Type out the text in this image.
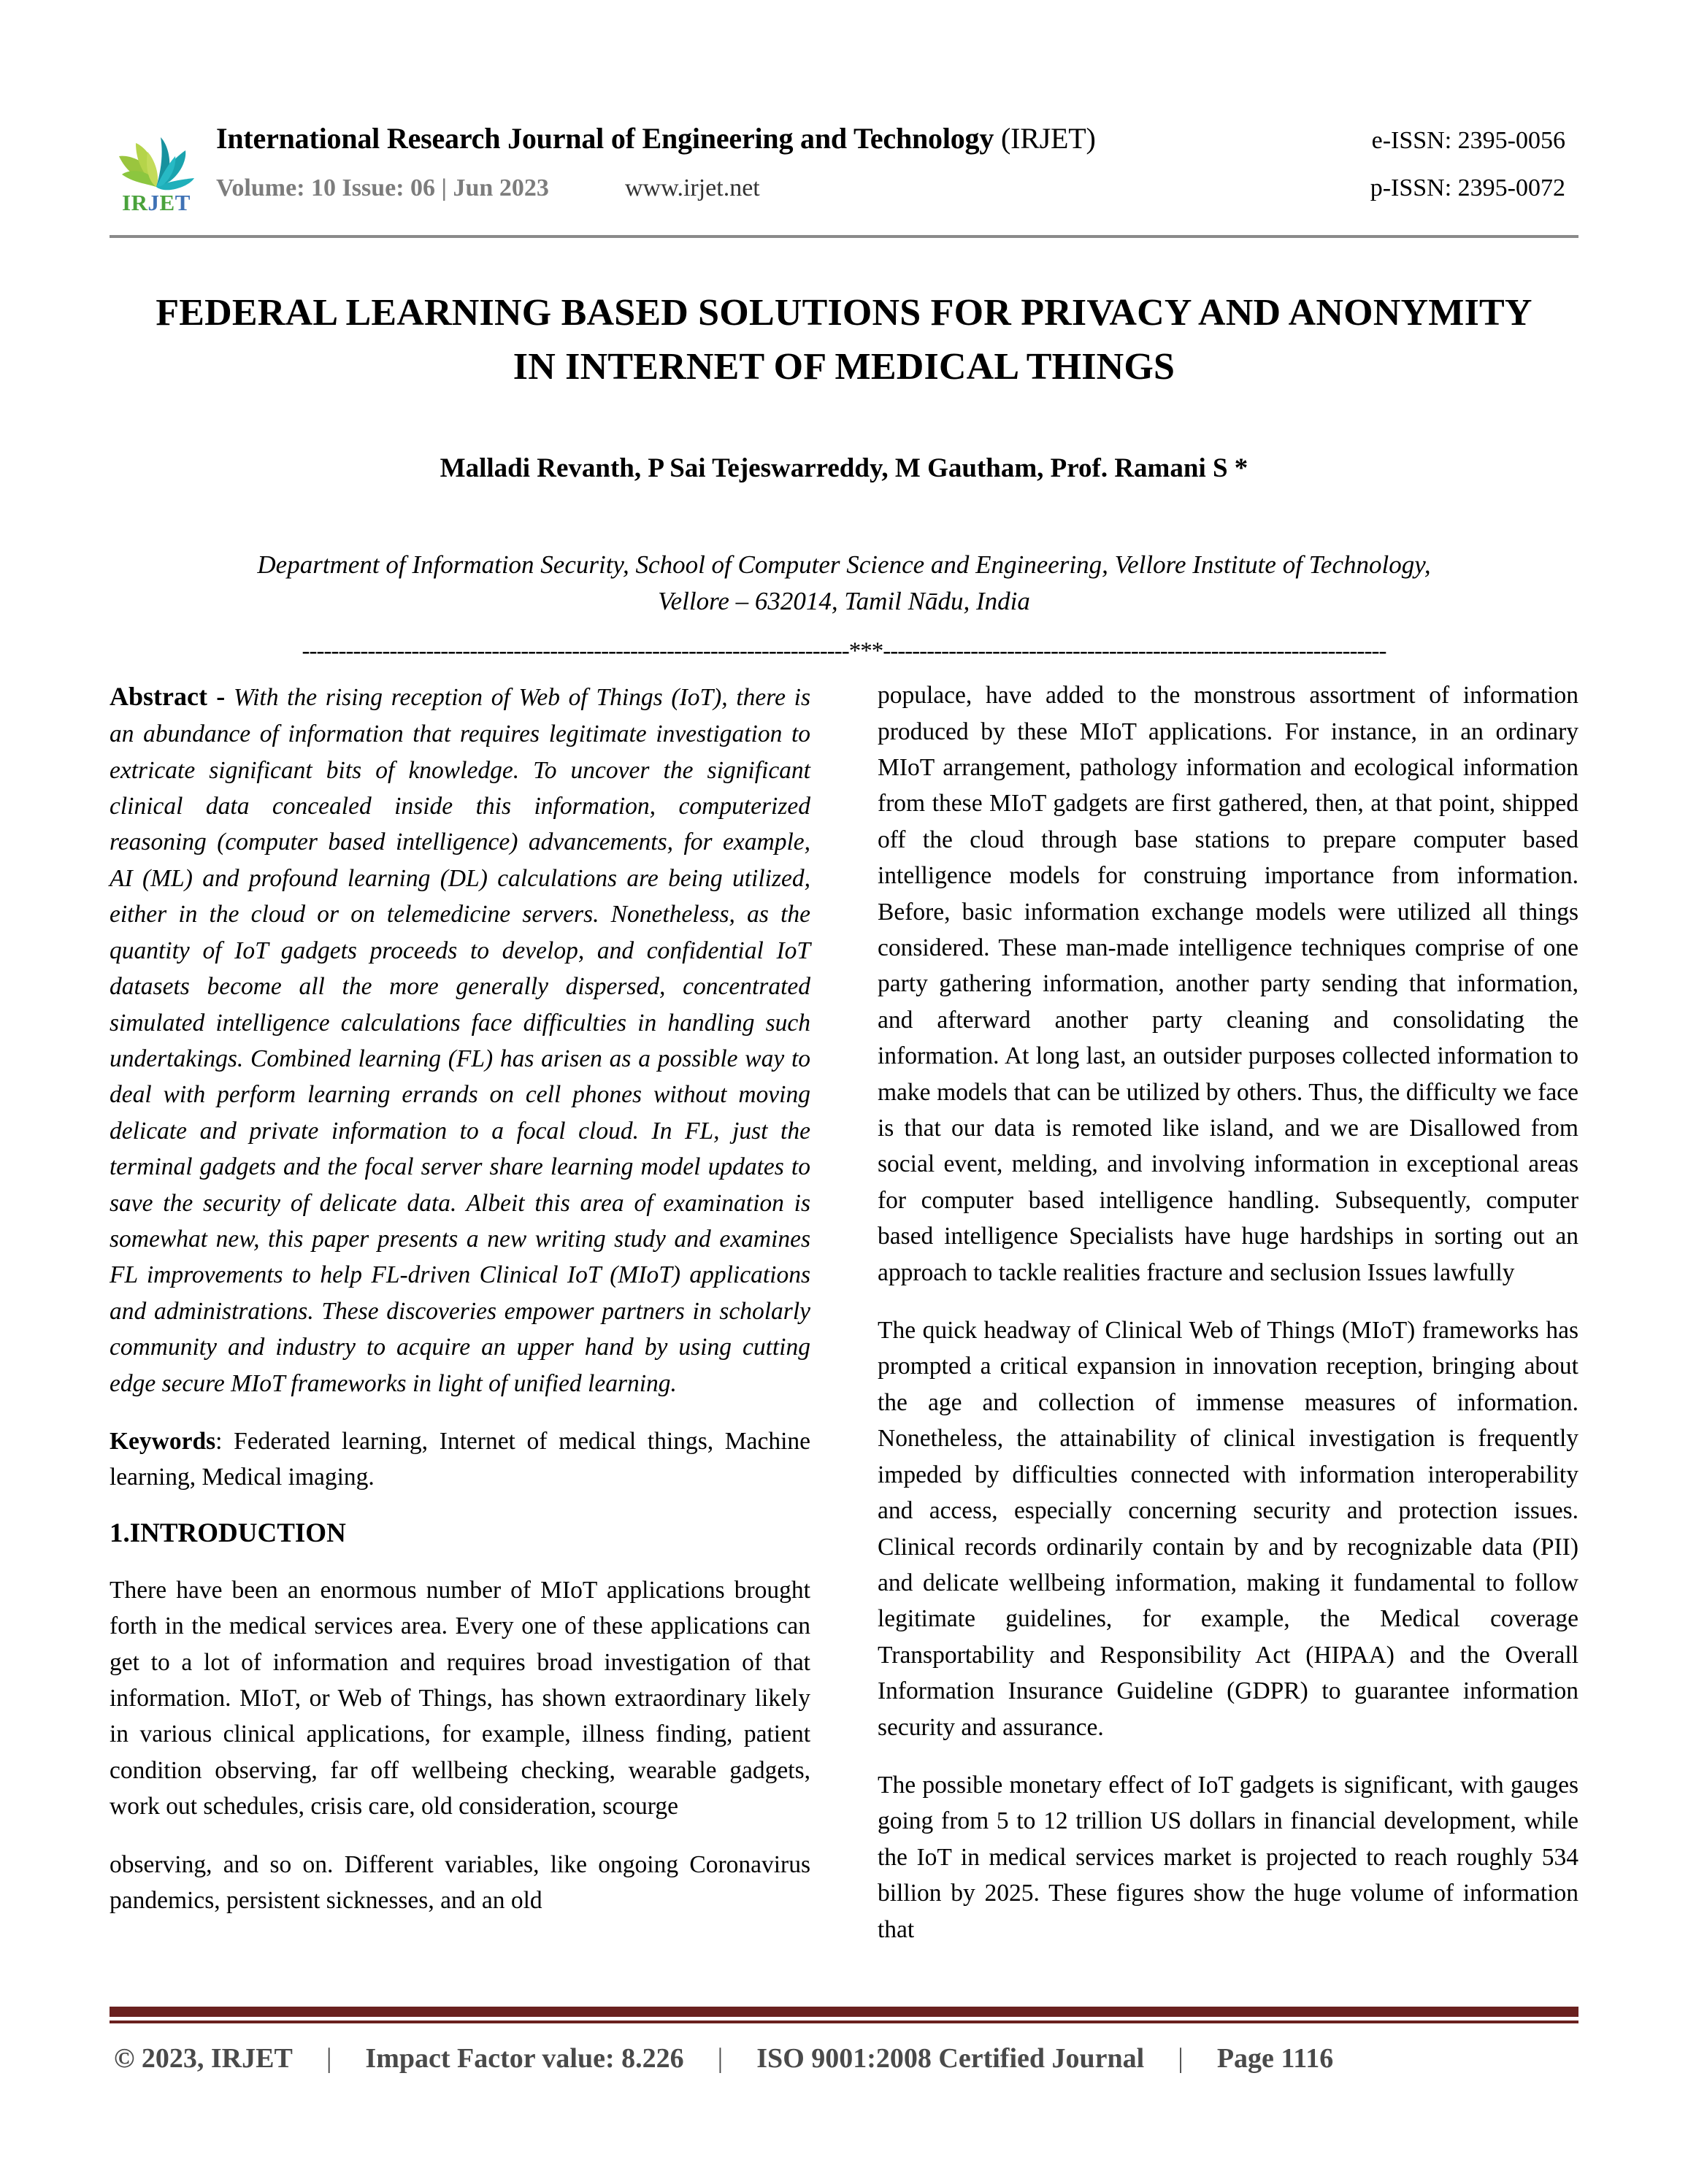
IRJET
International Research Journal of Engineering and Technology (IRJET)	e-ISSN: 2395-0056
Volume: 10 Issue: 06 | Jun 2023	www.irjet.net	p-ISSN: 2395-0072
FEDERAL LEARNING BASED SOLUTIONS FOR PRIVACY AND ANONYMITY
IN INTERNET OF MEDICAL THINGS
Malladi Revanth, P Sai Tejeswarreddy, M Gautham, Prof. Ramani S *
Department of Information Security, School of Computer Science and Engineering, Vellore Institute of Technology,
Vellore – 632014, Tamil Nādu, India
---------------------------------------------------------------------------***---------------------------------------------------------------------

Abstract - With the rising reception of Web of Things (IoT), there is an abundance of information that requires legitimate investigation to extricate significant bits of knowledge. To uncover the significant clinical data concealed inside this information, computerized reasoning (computer based intelligence) advancements, for example, AI (ML) and profound learning (DL) calculations are being utilized, either in the cloud or on telemedicine servers. Nonetheless, as the quantity of IoT gadgets proceeds to develop, and confidential IoT datasets become all the more generally dispersed, concentrated simulated intelligence calculations face difficulties in handling such undertakings. Combined learning (FL) has arisen as a possible way to deal with perform learning errands on cell phones without moving delicate and private information to a focal cloud. In FL, just the terminal gadgets and the focal server share learning model updates to save the security of delicate data. Albeit this area of examination is somewhat new, this paper presents a new writing study and examines FL improvements to help FL-driven Clinical IoT (MIoT) applications and administrations. These discoveries empower partners in scholarly community and industry to acquire an upper hand by using cutting edge secure MIoT frameworks in light of unified learning.

Keywords: Federated learning, Internet of medical things, Machine learning, Medical imaging.

1.INTRODUCTION

There have been an enormous number of MIoT applications brought forth in the medical services area. Every one of these applications can get to a lot of information and requires broad investigation of that information. MIoT, or Web of Things, has shown extraordinary likely in various clinical applications, for example, illness finding, patient condition observing, far off wellbeing checking, wearable gadgets, work out schedules, crisis care, old consideration, scourge

observing, and so on. Different variables, like ongoing Coronavirus pandemics, persistent sicknesses, and an old

populace, have added to the monstrous assortment of information produced by these MIoT applications. For instance, in an ordinary MIoT arrangement, pathology information and ecological information from these MIoT gadgets are first gathered, then, at that point, shipped off the cloud through base stations to prepare computer based intelligence models for construing importance from information. Before, basic information exchange models were utilized all things considered. These man-made intelligence techniques comprise of one party gathering information, another party sending that information, and afterward another party cleaning and consolidating the information. At long last, an outsider purposes collected information to make models that can be utilized by others. Thus, the difficulty we face is that our data is remoted like island, and we are Disallowed from social event, melding, and involving information in exceptional areas for computer based intelligence handling. Subsequently, computer based intelligence Specialists have huge hardships in sorting out an approach to tackle realities fracture and seclusion Issues lawfully

The quick headway of Clinical Web of Things (MIoT) frameworks has prompted a critical expansion in innovation reception, bringing about the age and collection of immense measures of information. Nonetheless, the attainability of clinical investigation is frequently impeded by difficulties connected with information interoperability and access, especially concerning security and protection issues. Clinical records ordinarily contain by and by recognizable data (PII) and delicate wellbeing information, making it fundamental to follow legitimate guidelines, for example, the Medical coverage Transportability and Responsibility Act (HIPAA) and the Overall Information Insurance Guideline (GDPR) to guarantee information security and assurance.

The possible monetary effect of IoT gadgets is significant, with gauges going from 5 to 12 trillion US dollars in financial development, while the IoT in medical services market is projected to reach roughly 534 billion by 2025. These figures show the huge volume of information that

© 2023, IRJET	|	Impact Factor value: 8.226	|	ISO 9001:2008 Certified Journal	|	Page 1116
